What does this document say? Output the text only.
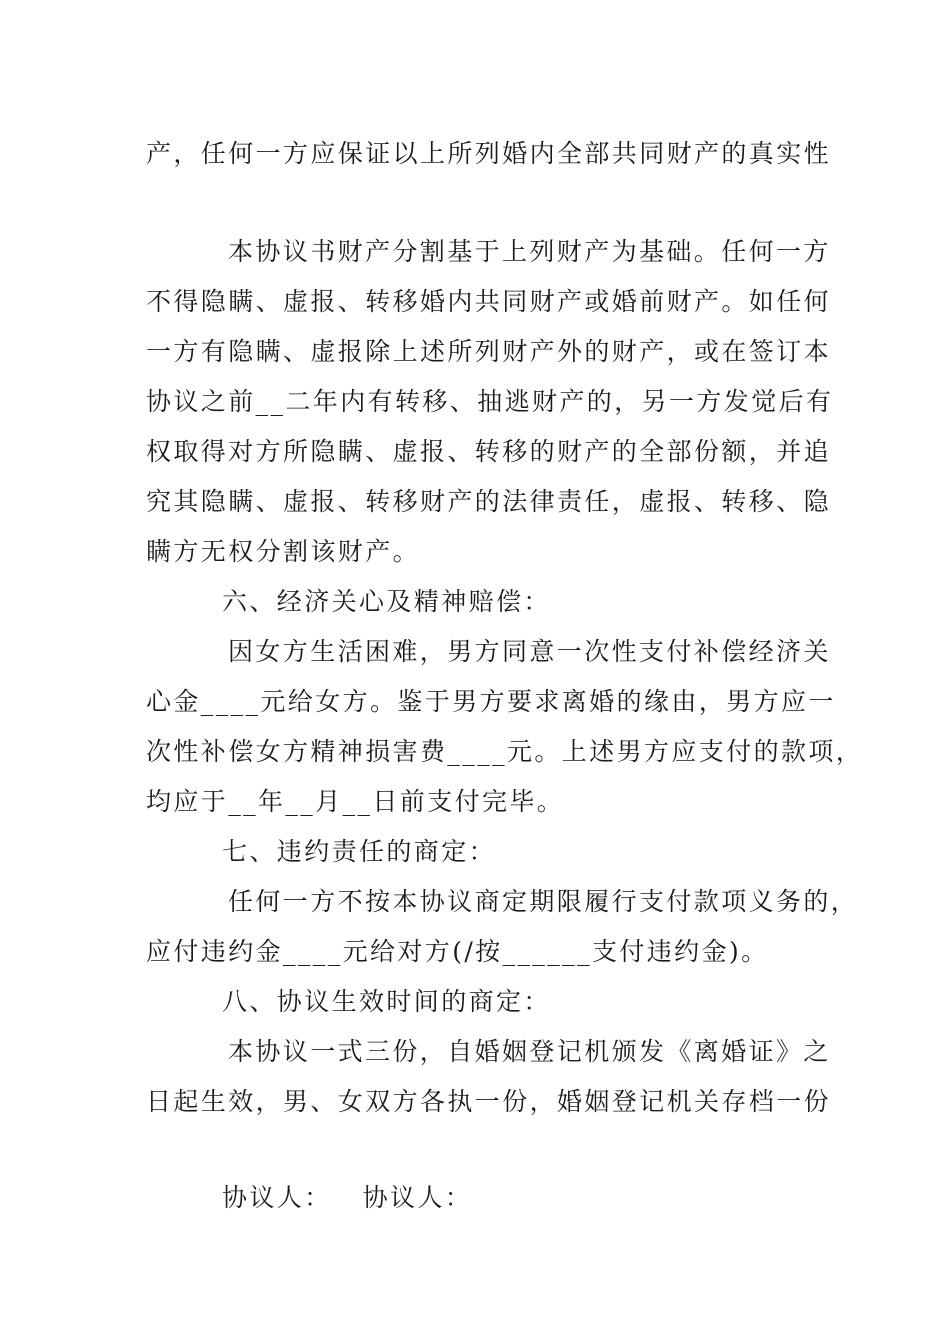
产，任何一方应保证以上所列婚内全部共同财产的真实性
本协议书财产分割基于上列财产为基础。任何一方
不得隐瞒、虚报、转移婚内共同财产或婚前财产。如任何
一方有隐瞒、虚报除上述所列财产外的财产，或在签订本
协议之前__二年内有转移、抽逃财产的，另一方发觉后有
权取得对方所隐瞒、虚报、转移的财产的全部份额，并追
究其隐瞒、虚报、转移财产的法律责任，虚报、转移、隐
瞒方无权分割该财产。
六、经济关心及精神赔偿：
因女方生活困难，男方同意一次性支付补偿经济关
心金____元给女方。鉴于男方要求离婚的缘由，男方应一
次性补偿女方精神损害费____元。上述男方应支付的款项，
均应于__年__月__日前支付完毕。
七、违约责任的商定：
任何一方不按本协议商定期限履行支付款项义务的，
应付违约金____元给对方(/按______支付违约金)。
八、协议生效时间的商定：
本协议一式三份，自婚姻登记机颁发《离婚证》之
日起生效，男、女双方各执一份，婚姻登记机关存档一份
协议人：   协议人：
